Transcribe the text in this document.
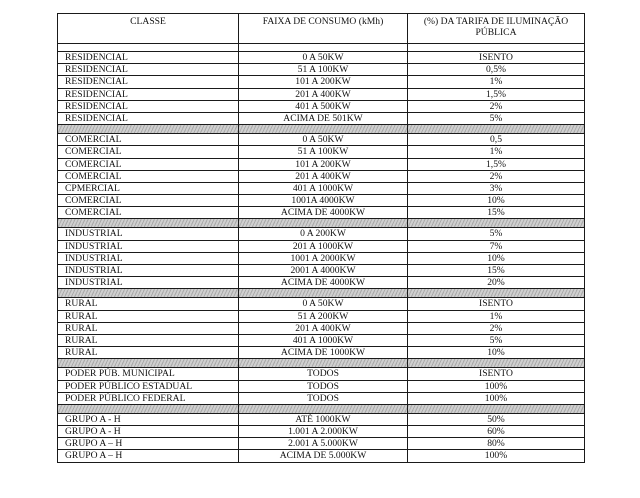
CLASSE	FAIXA DE CONSUMO (kMh)	(%) DA TARIFA DE ILUMINAÇÃO PÚBLICA
RESIDENCIAL	0 A 50KW	ISENTO
RESIDENCIAL	51 A 100KW	0,5%
RESIDENCIAL	101 A 200KW	1%
RESIDENCIAL	201 A 400KW	1,5%
RESIDENCIAL	401 A 500KW	2%
RESIDENCIAL	ACIMA DE 501KW	5%
COMERCIAL	0 A 50KW	0,5
COMERCIAL	51 A 100KW	1%
COMERCIAL	101 A 200KW	1,5%
COMERCIAL	201 A 400KW	2%
CPMERCIAL	401 A 1000KW	3%
COMERCIAL	1001A 4000KW	10%
COMERCIAL	ACIMA DE 4000KW	15%
INDUSTRIAL	0 A 200KW	5%
INDUSTRIAL	201 A 1000KW	7%
INDUSTRIAL	1001 A 2000KW	10%
INDUSTRIAL	2001 A 4000KW	15%
INDUSTRIAL	ACIMA DE 4000KW	20%
RURAL	0 A 50KW	ISENTO
RURAL	51 A 200KW	1%
RURAL	201 A 400KW	2%
RURAL	401 A 1000KW	5%
RURAL	ACIMA DE 1000KW	10%
PODER PÚB. MUNICIPAL	TODOS	ISENTO
PODER PÚBLICO ESTADUAL	TODOS	100%
PODER PÚBLICO FEDERAL	TODOS	100%
GRUPO A - H	ATÉ 1000KW	50%
GRUPO A - H	1.001 A 2.000KW	60%
GRUPO A – H	2.001 A 5.000KW	80%
GRUPO A – H	ACIMA DE 5.000KW	100%
